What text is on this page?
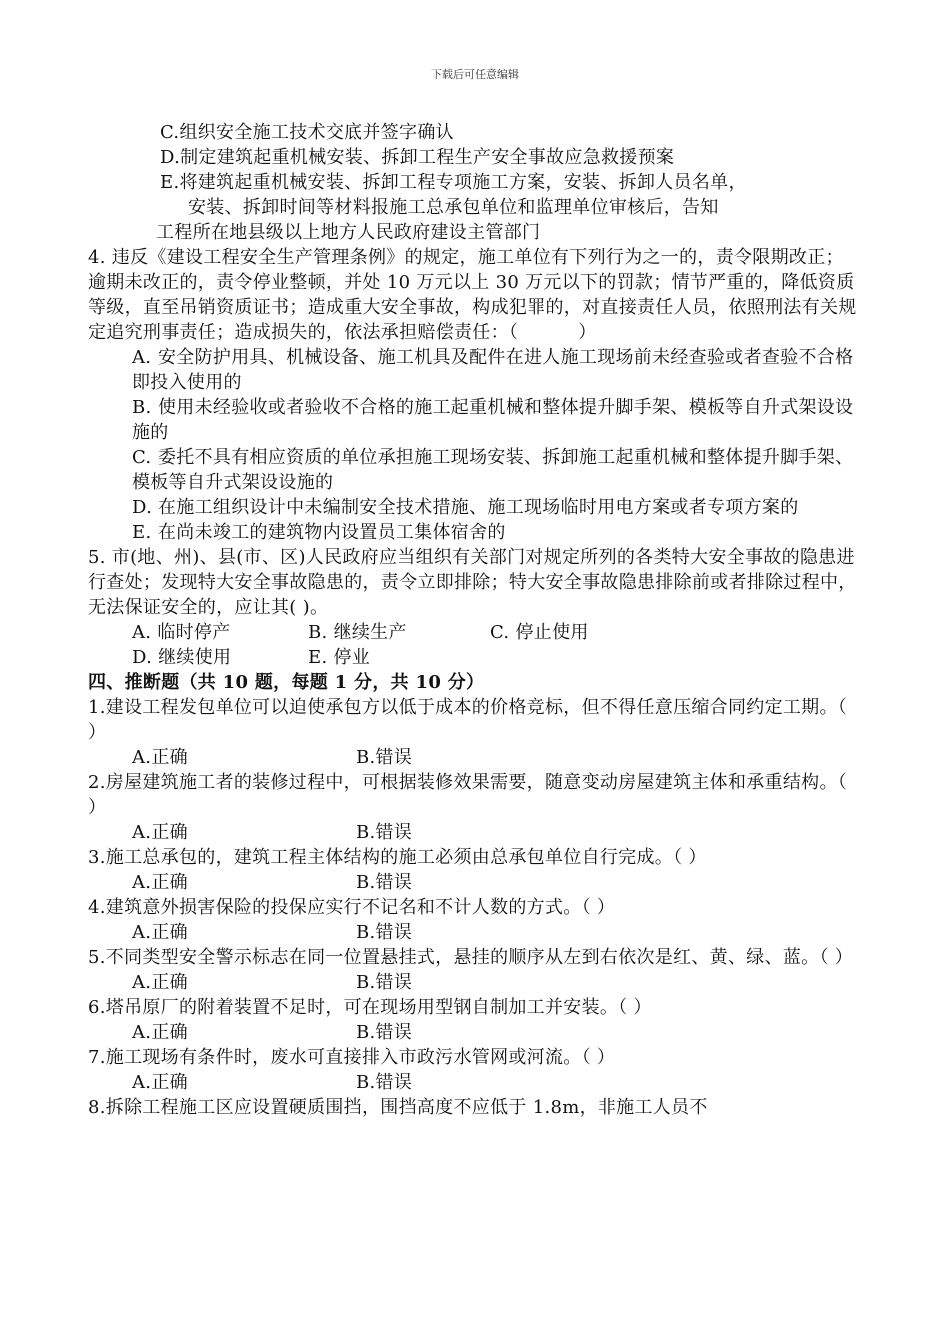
下载后可任意编辑

C.组织安全施工技术交底并签字确认

D.制定建筑起重机械安装、拆卸工程生产安全事故应急救援预案

E.将建筑起重机械安装、拆卸工程专项施工方案，安装、拆卸人员名单，

安装、拆卸时间等材料报施工总承包单位和监理单位审核后，告知

工程所在地县级以上地方人民政府建设主管部门

4. 违反《建设工程安全生产管理条例》的规定，施工单位有下列行为之一的，责令限期改正；逾期未改正的，责令停业整顿，并处 10 万元以上 30 万元以下的罚款；情节严重的，降低资质等级，直至吊销资质证书；造成重大安全事故，构成犯罪的，对直接责任人员，依照刑法有关规定追究刑事责任；造成损失的，依法承担赔偿责任：（	）

A. 安全防护用具、机械设备、施工机具及配件在进人施工现场前未经查验或者查验不合格即投入使用的
B. 使用未经验收或者验收不合格的施工起重机械和整体提升脚手架、模板等自升式架设设施的
C. 委托不具有相应资质的单位承担施工现场安装、拆卸施工起重机械和整体提升脚手架、模板等自升式架设设施的
D. 在施工组织设计中未编制安全技术措施、施工现场临时用电方案或者专项方案的
E. 在尚未竣工的建筑物内设置员工集体宿舍的

5. 市(地、州)、县(市、区)人民政府应当组织有关部门对规定所列的各类特大安全事故的隐患进行查处；发现特大安全事故隐患的，责令立即排除；特大安全事故隐患排除前或者排除过程中，无法保证安全的，应让其( )。

A. 临时停产	B. 继续生产	C. 停止使用
D. 继续使用	E. 停业

四、推断题（共 10 题，每题 1 分，共 10 分）

1.建设工程发包单位可以迫使承包方以低于成本的价格竞标，但不得任意压缩合同约定工期。（ ）

A.正确	B.错误

2.房屋建筑施工者的装修过程中，可根据装修效果需要，随意变动房屋建筑主体和承重结构。（ ）

A.正确	B.错误

3.施工总承包的，建筑工程主体结构的施工必须由总承包单位自行完成。（ ）

A.正确	B.错误

4.建筑意外损害保险的投保应实行不记名和不计人数的方式。（ ）

A.正确	B.错误

5.不同类型安全警示标志在同一位置悬挂式，悬挂的顺序从左到右依次是红、黄、绿、蓝。（ ）

A.正确	B.错误

6.塔吊原厂的附着装置不足时，可在现场用型钢自制加工并安装。（ ）

A.正确	B.错误

7.施工现场有条件时，废水可直接排入市政污水管网或河流。（ ）

A.正确	B.错误

8.拆除工程施工区应设置硬质围挡，围挡高度不应低于 1.8m，非施工人员不
